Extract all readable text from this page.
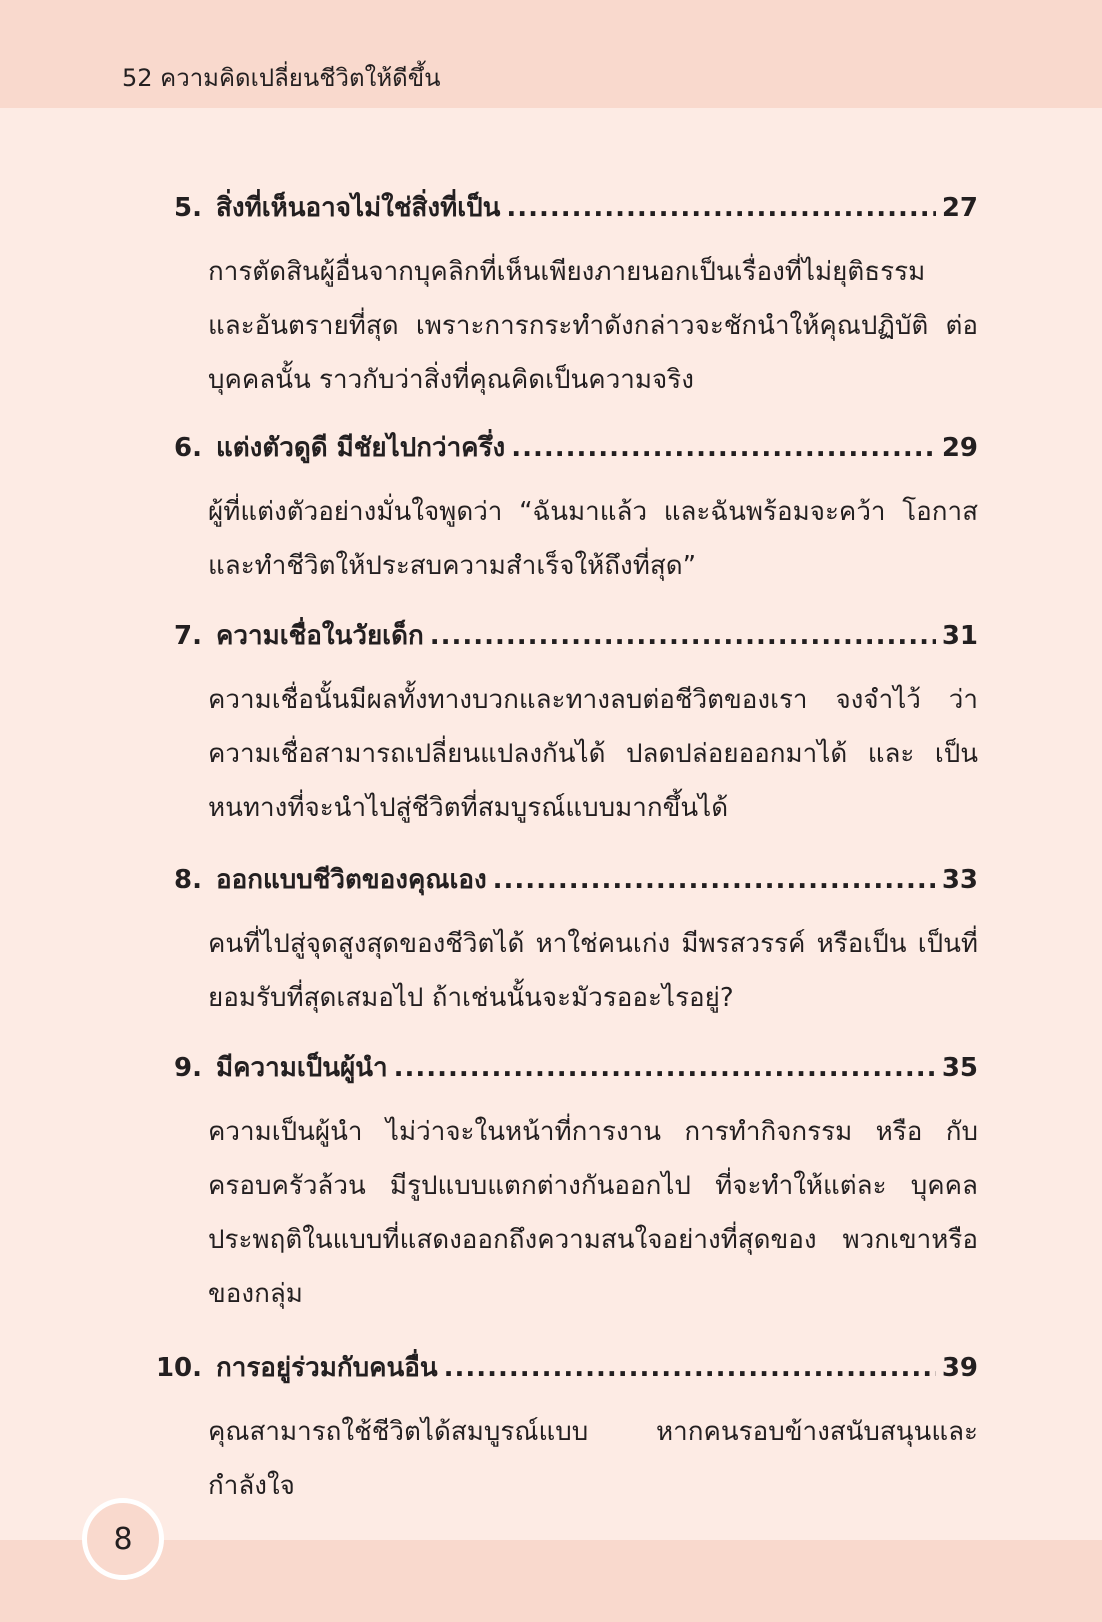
52 ความคิดเปลี่ยนชีวิตให้ดีขึ้น
5. สิ่งที่เห็นอาจไม่ใช่สิ่งที่เป็น .....	27
การตัดสินผู้อื่นจากบุคลิกที่เห็นเพียงภายนอกเป็นเรื่องที่ไม่ยุติธรรม และอันตรายที่สุด เพราะการกระทำดังกล่าวจะชักนำให้คุณปฏิบัติ ต่อบุคคลนั้น ราวกับว่าสิ่งที่คุณคิดเป็นความจริง
6. แต่งตัวดูดี มีชัยไปกว่าครึ่ง .....	29
ผู้ที่แต่งตัวอย่างมั่นใจพูดว่า “ฉันมาแล้ว และฉันพร้อมจะคว้า โอกาส และทำชีวิตให้ประสบความสำเร็จให้ถึงที่สุด”
7. ความเชื่อในวัยเด็ก .....	31
ความเชื่อนั้นมีผลทั้งทางบวกและทางลบต่อชีวิตของเรา จงจำไว้ ว่าความเชื่อสามารถเปลี่ยนแปลงกันได้ ปลดปล่อยออกมาได้ และ เป็นหนทางที่จะนำไปสู่ชีวิตที่สมบูรณ์แบบมากขึ้นได้
8. ออกแบบชีวิตของคุณเอง .....	33
คนที่ไปสู่จุดสูงสุดของชีวิตได้ หาใช่คนเก่ง มีพรสวรรค์ หรือเป็น เป็นที่ยอมรับที่สุดเสมอไป ถ้าเช่นนั้นจะมัวรออะไรอยู่?
9. มีความเป็นผู้นำ .....	35
ความเป็นผู้นำ ไม่ว่าจะในหน้าที่การงาน การทำกิจกรรม หรือ กับครอบครัวล้วน มีรูปแบบแตกต่างกันออกไป ที่จะทำให้แต่ละ บุคคลประพฤติในแบบที่แสดงออกถึงความสนใจอย่างที่สุดของ พวกเขาหรือของกลุ่ม
10. การอยู่ร่วมกับคนอื่น .....	39
คุณสามารถใช้ชีวิตได้สมบูรณ์แบบ หากคนรอบข้างสนับสนุนและ กำลังใจ
8
